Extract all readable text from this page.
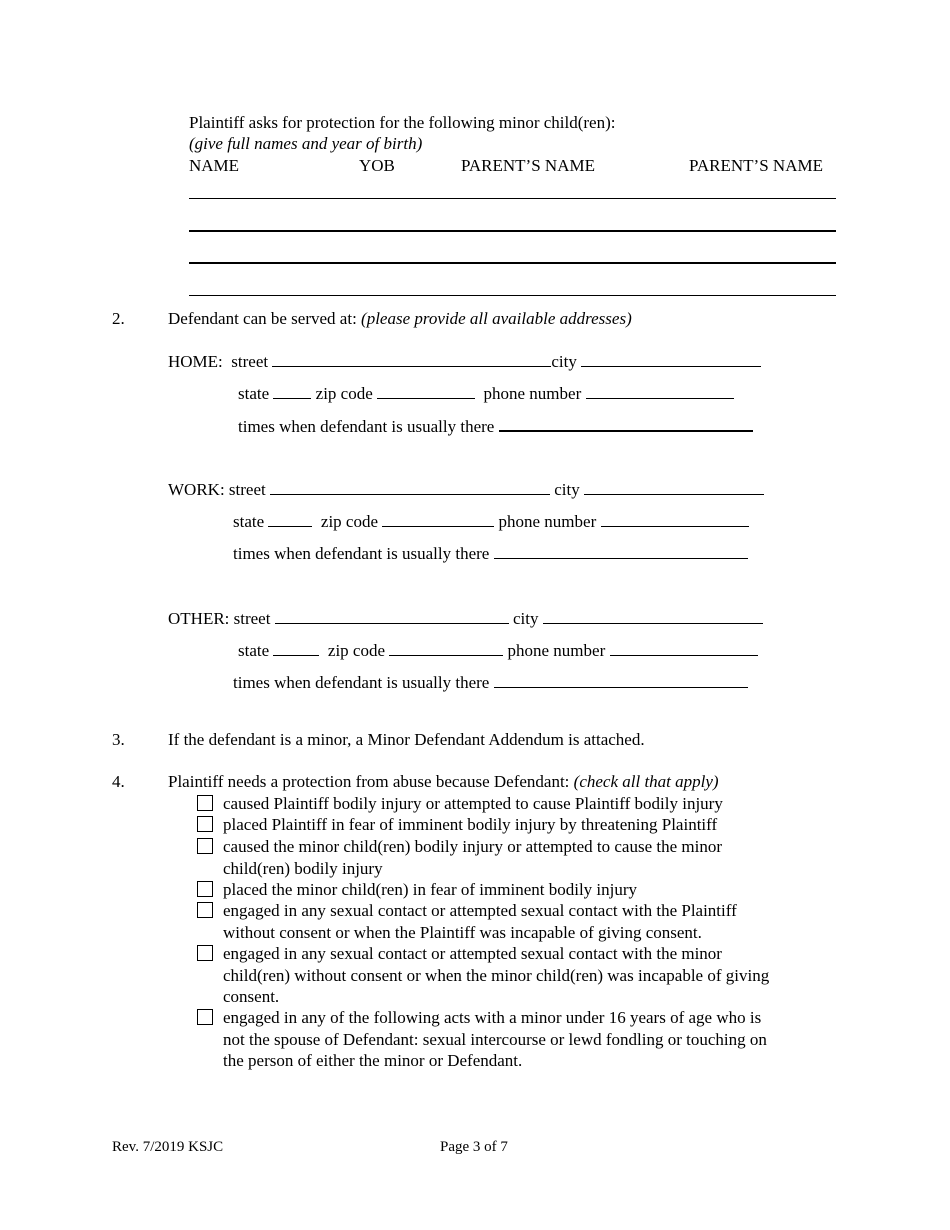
Plaintiff asks for protection for the following minor child(ren):
(give full names and year of birth)
NAME	YOB	PARENT’S NAME	PARENT’S NAME
2.	Defendant can be served at: (please provide all available addresses)
HOME: street	city
state	zip code	phone number
times when defendant is usually there
WORK: street	city
state	zip code	phone number
times when defendant is usually there
OTHER: street	city
state	zip code	phone number
times when defendant is usually there
3.	If the defendant is a minor, a Minor Defendant Addendum is attached.
4.	Plaintiff needs a protection from abuse because Defendant: (check all that apply)
caused Plaintiff bodily injury or attempted to cause Plaintiff bodily injury
placed Plaintiff in fear of imminent bodily injury by threatening Plaintiff
caused the minor child(ren) bodily injury or attempted to cause the minor
child(ren) bodily injury
placed the minor child(ren) in fear of imminent bodily injury
engaged in any sexual contact or attempted sexual contact with the Plaintiff
without consent or when the Plaintiff was incapable of giving consent.
engaged in any sexual contact or attempted sexual contact with the minor
child(ren) without consent or when the minor child(ren) was incapable of giving
consent.
engaged in any of the following acts with a minor under 16 years of age who is
not the spouse of Defendant: sexual intercourse or lewd fondling or touching on
the person of either the minor or Defendant.
Rev. 7/2019 KSJC	Page 3 of 7
